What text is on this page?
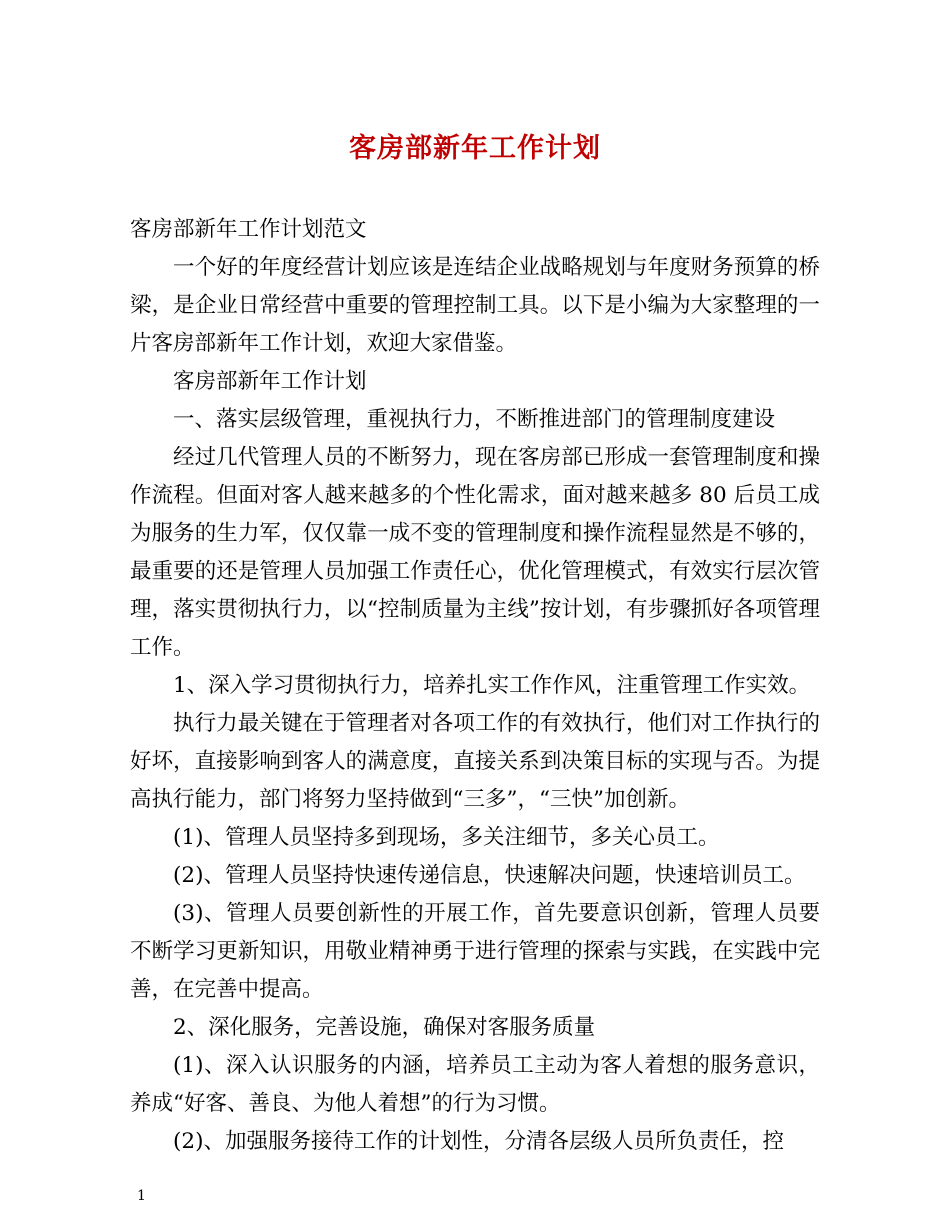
客房部新年工作计划

客房部新年工作计划范文

一个好的年度经营计划应该是连结企业战略规划与年度财务预算的桥梁，是企业日常经营中重要的管理控制工具。以下是小编为大家整理的一片客房部新年工作计划，欢迎大家借鉴。

客房部新年工作计划

一、落实层级管理，重视执行力，不断推进部门的管理制度建设

经过几代管理人员的不断努力，现在客房部已形成一套管理制度和操作流程。但面对客人越来越多的个性化需求，面对越来越多 80 后员工成为服务的生力军，仅仅靠一成不变的管理制度和操作流程显然是不够的，最重要的还是管理人员加强工作责任心，优化管理模式，有效实行层次管理，落实贯彻执行力，以“控制质量为主线”按计划，有步骤抓好各项管理工作。

1、深入学习贯彻执行力，培养扎实工作作风，注重管理工作实效。

执行力最关键在于管理者对各项工作的有效执行，他们对工作执行的好坏，直接影响到客人的满意度，直接关系到决策目标的实现与否。为提高执行能力，部门将努力坚持做到“三多”，“三快”加创新。

(1)、管理人员坚持多到现场，多关注细节，多关心员工。

(2)、管理人员坚持快速传递信息，快速解决问题，快速培训员工。

(3)、管理人员要创新性的开展工作，首先要意识创新，管理人员要不断学习更新知识，用敬业精神勇于进行管理的探索与实践，在实践中完善，在完善中提高。

2、深化服务，完善设施，确保对客服务质量

(1)、深入认识服务的内涵，培养员工主动为客人着想的服务意识，养成“好客、善良、为他人着想”的行为习惯。

(2)、加强服务接待工作的计划性，分清各层级人员所负责任，控

1
